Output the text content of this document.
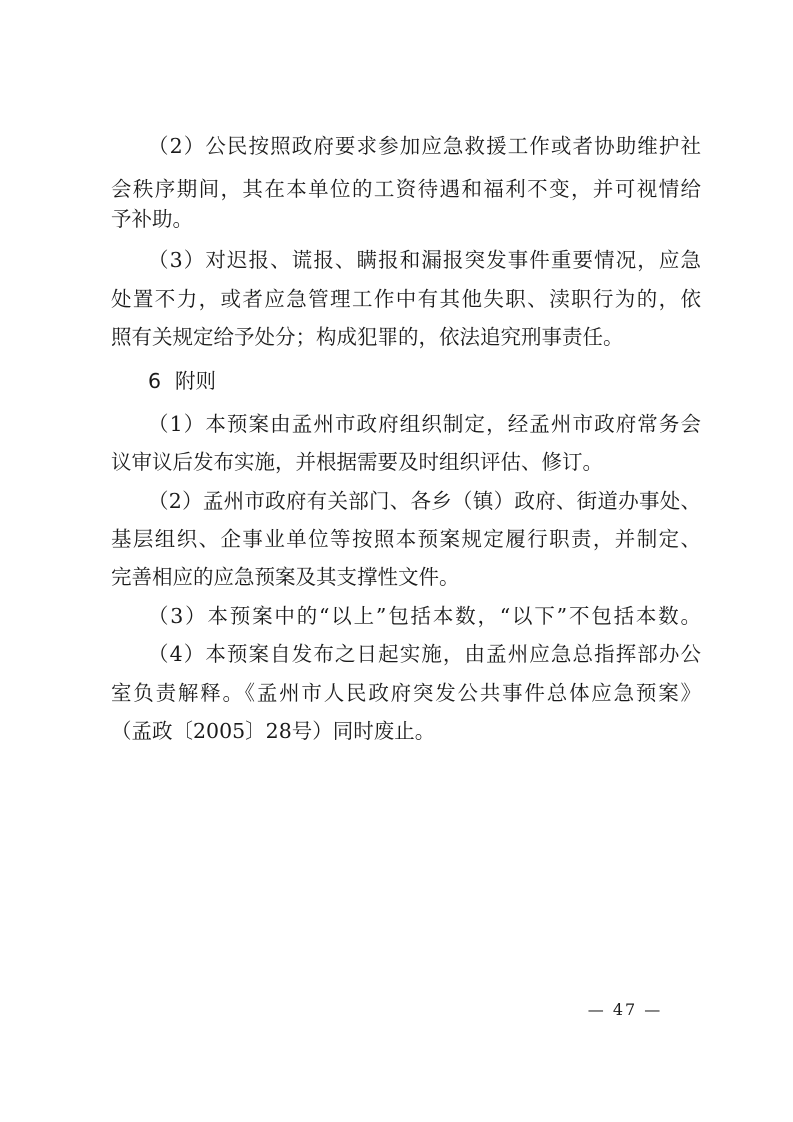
（2）公民按照政府要求参加应急救援工作或者协助维护社
会秩序期间，其在本单位的工资待遇和福利不变，并可视情给
予补助。
（3）对迟报、谎报、瞒报和漏报突发事件重要情况，应急
处置不力，或者应急管理工作中有其他失职、渎职行为的，依
照有关规定给予处分；构成犯罪的，依法追究刑事责任。
6 附则
（1）本预案由孟州市政府组织制定，经孟州市政府常务会
议审议后发布实施，并根据需要及时组织评估、修订。
（2）孟州市政府有关部门、各乡（镇）政府、街道办事处、
基层组织、企事业单位等按照本预案规定履行职责，并制定、
完善相应的应急预案及其支撑性文件。
（3）本预案中的“以上”包括本数，“以下”不包括本数。
（4）本预案自发布之日起实施，由孟州应急总指挥部办公
室负责解释。《孟州市人民政府突发公共事件总体应急预案》
（孟政〔2005〕28号）同时废止。
— 47 —
